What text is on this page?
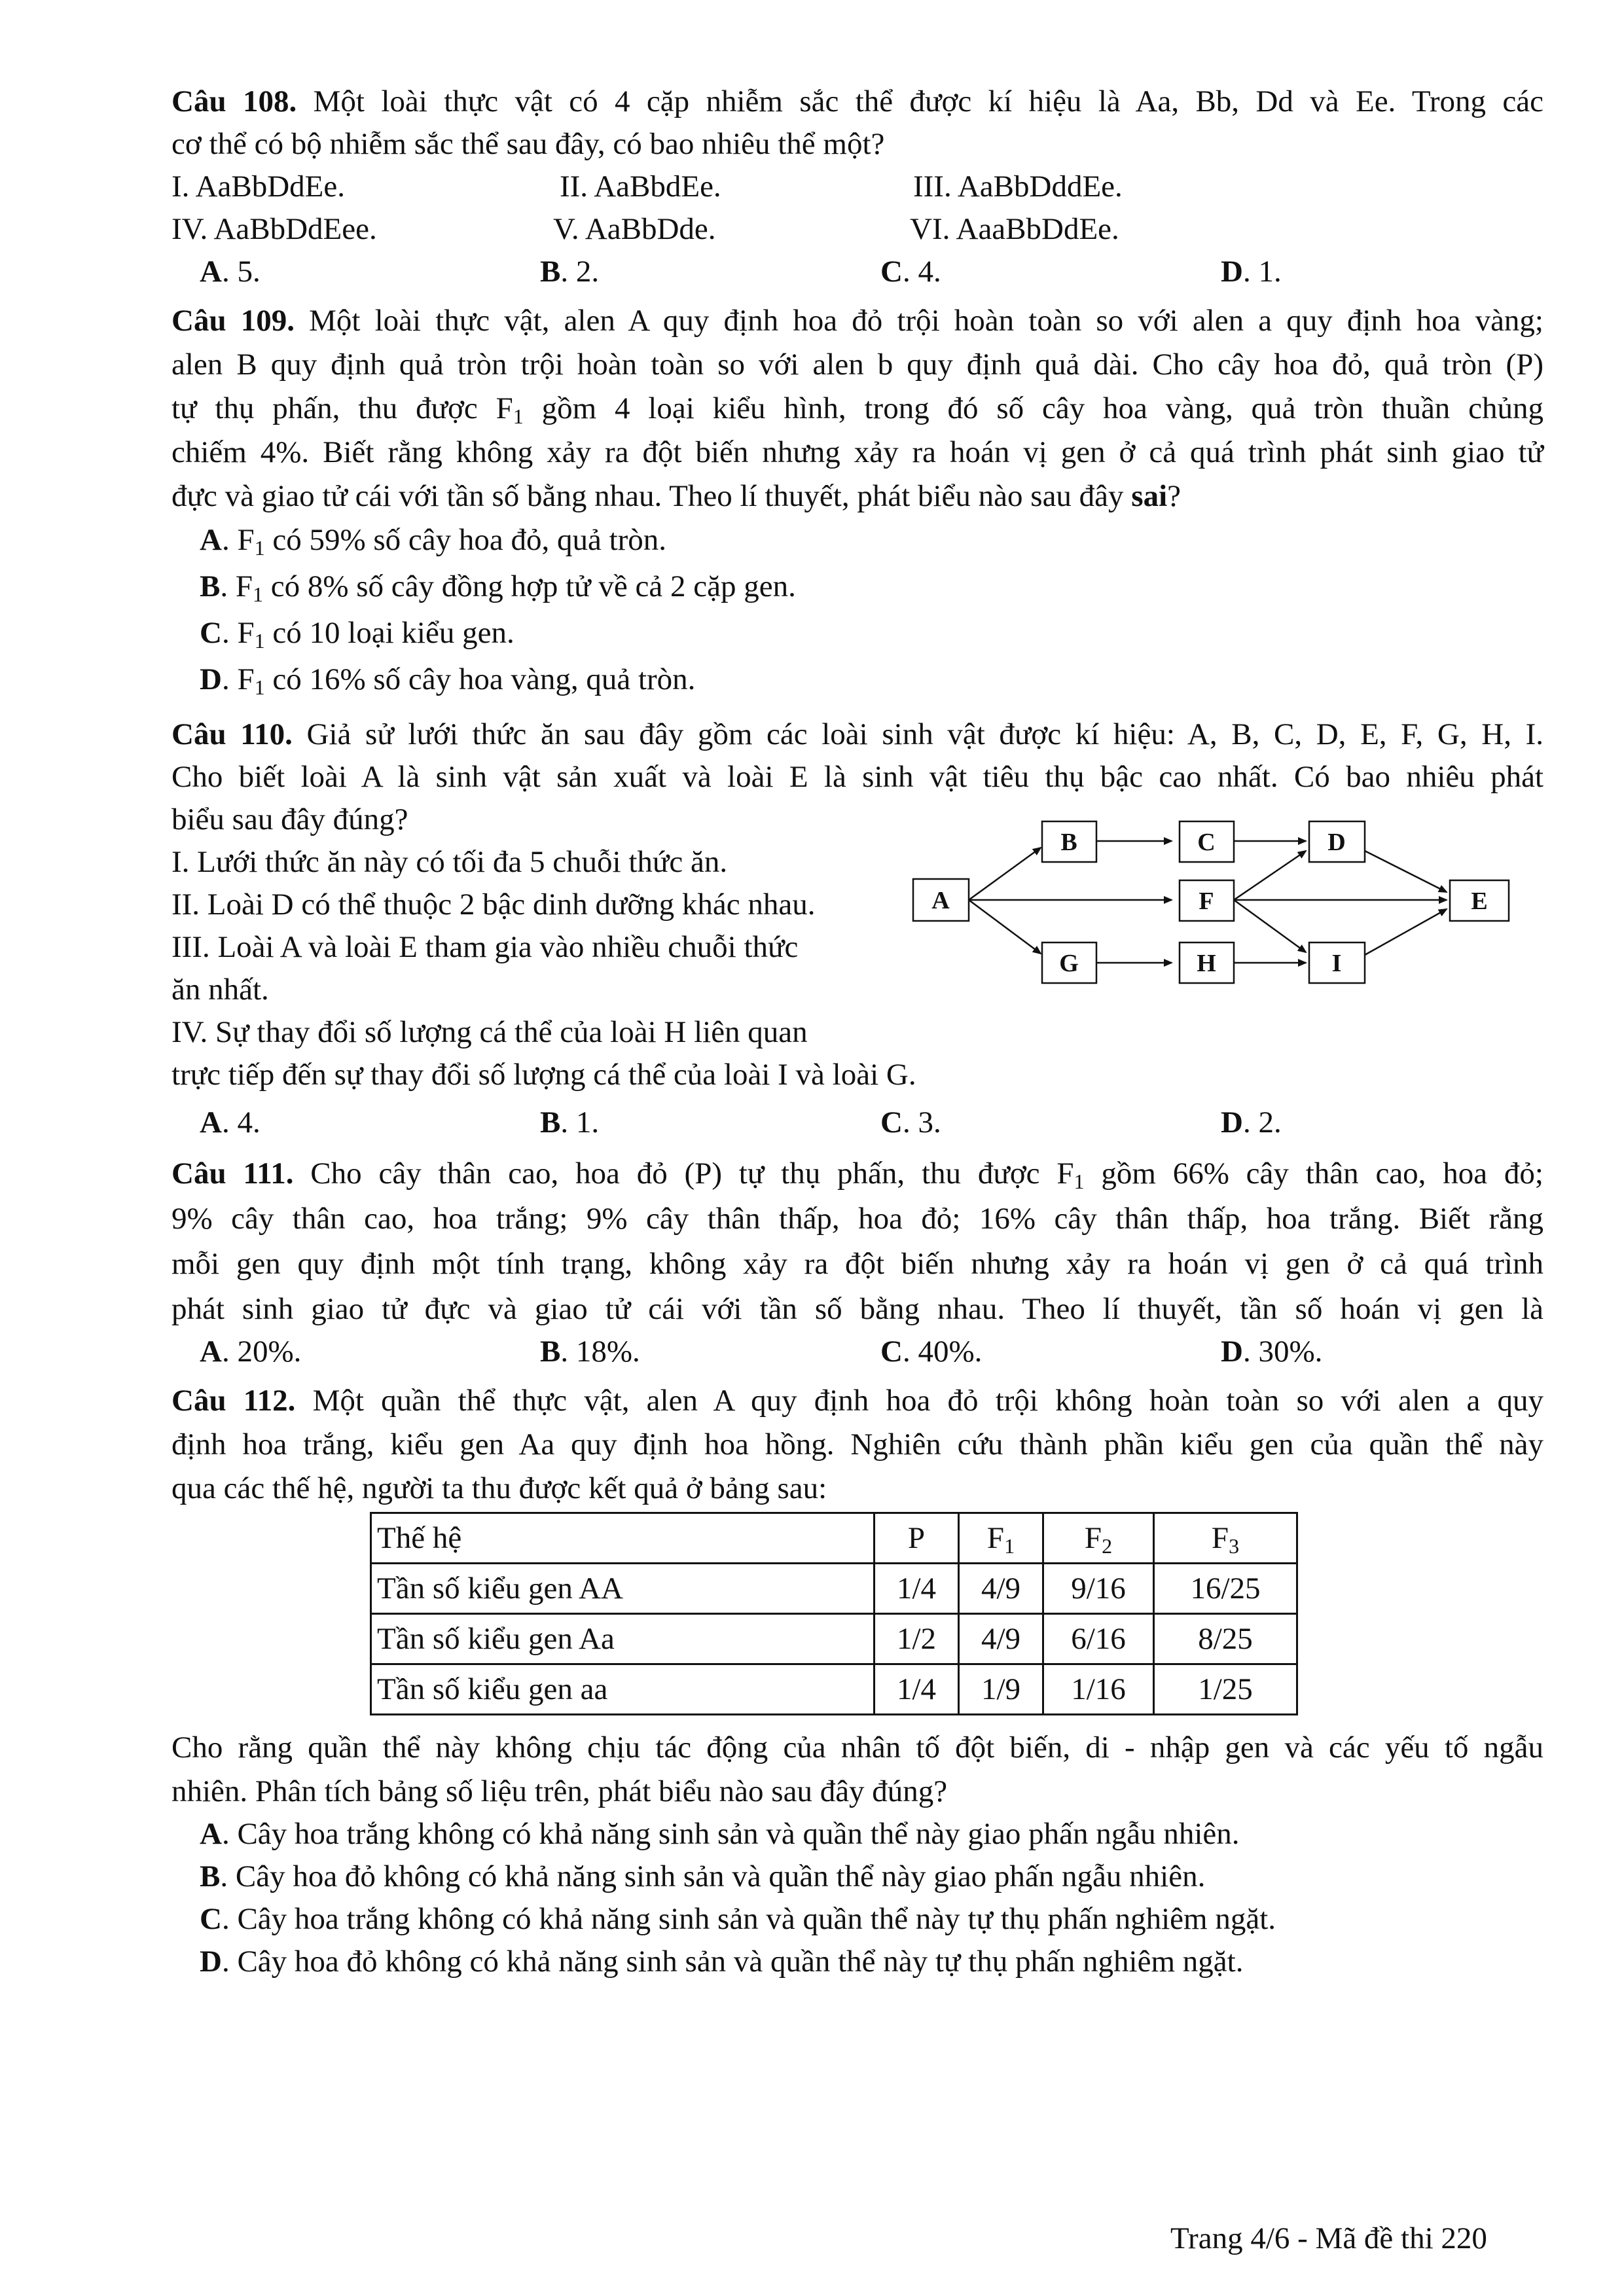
Câu 108. Một loài thực vật có 4 cặp nhiễm sắc thể được kí hiệu là Aa, Bb, Dd và Ee. Trong các
cơ thể có bộ nhiễm sắc thể sau đây, có bao nhiêu thể một?
I. AaBbDdEe.	II. AaBbdEe.	III. AaBbDddEe.
IV. AaBbDdEee.	V. AaBbDde.	VI. AaaBbDdEe.
A. 5.	B. 2.	C. 4.	D. 1.
Câu 109. Một loài thực vật, alen A quy định hoa đỏ trội hoàn toàn so với alen a quy định hoa vàng;
alen B quy định quả tròn trội hoàn toàn so với alen b quy định quả dài. Cho cây hoa đỏ, quả tròn (P)
tự thụ phấn, thu được $F_1$ gồm 4 loại kiểu hình, trong đó số cây hoa vàng, quả tròn thuần chủng
chiếm 4%. Biết rằng không xảy ra đột biến nhưng xảy ra hoán vị gen ở cả quá trình phát sinh giao tử
đực và giao tử cái với tần số bằng nhau. Theo lí thuyết, phát biểu nào sau đây sai?
A. $F_1$ có 59% số cây hoa đỏ, quả tròn.
B. $F_1$ có 8% số cây đồng hợp tử về cả 2 cặp gen.
C. $F_1$ có 10 loại kiểu gen.
D. $F_1$ có 16% số cây hoa vàng, quả tròn.
Câu 110. Giả sử lưới thức ăn sau đây gồm các loài sinh vật được kí hiệu: A, B, C, D, E, F, G, H, I.
Cho biết loài A là sinh vật sản xuất và loài E là sinh vật tiêu thụ bậc cao nhất. Có bao nhiêu phát
biểu sau đây đúng?
I. Lưới thức ăn này có tối đa 5 chuỗi thức ăn.
II. Loài D có thể thuộc 2 bậc dinh dưỡng khác nhau.
III. Loài A và loài E tham gia vào nhiều chuỗi thức
ăn nhất.
IV. Sự thay đổi số lượng cá thể của loài H liên quan
trực tiếp đến sự thay đổi số lượng cá thể của loài I và loài G.
A
B	C	D
E
F
G	H	I
A. 4.	B. 1.	C. 3.	D. 2.
Câu 111. Cho cây thân cao, hoa đỏ (P) tự thụ phấn, thu được $F_1$ gồm 66% cây thân cao, hoa đỏ;
9% cây thân cao, hoa trắng; 9% cây thân thấp, hoa đỏ; 16% cây thân thấp, hoa trắng. Biết rằng
mỗi gen quy định một tính trạng, không xảy ra đột biến nhưng xảy ra hoán vị gen ở cả quá trình
phát sinh giao tử đực và giao tử cái với tần số bằng nhau. Theo lí thuyết, tần số hoán vị gen là
A. 20%.	B. 18%.	C. 40%.	D. 30%.
Câu 112. Một quần thể thực vật, alen A quy định hoa đỏ trội không hoàn toàn so với alen a quy
định hoa trắng, kiểu gen Aa quy định hoa hồng. Nghiên cứu thành phần kiểu gen của quần thể này
qua các thế hệ, người ta thu được kết quả ở bảng sau:
Thế hệ	P	$F_1$	$F_2$	$F_3$
Tần số kiểu gen AA	1/4	4/9	9/16	16/25
Tần số kiểu gen Aa	1/2	4/9	6/16	8/25
Tần số kiểu gen aa	1/4	1/9	1/16	1/25
Cho rằng quần thể này không chịu tác động của nhân tố đột biến, di - nhập gen và các yếu tố ngẫu
nhiên. Phân tích bảng số liệu trên, phát biểu nào sau đây đúng?
A. Cây hoa trắng không có khả năng sinh sản và quần thể này giao phấn ngẫu nhiên.
B. Cây hoa đỏ không có khả năng sinh sản và quần thể này giao phấn ngẫu nhiên.
C. Cây hoa trắng không có khả năng sinh sản và quần thể này tự thụ phấn nghiêm ngặt.
D. Cây hoa đỏ không có khả năng sinh sản và quần thể này tự thụ phấn nghiêm ngặt.
Trang 4/6 - Mã đề thi 220
